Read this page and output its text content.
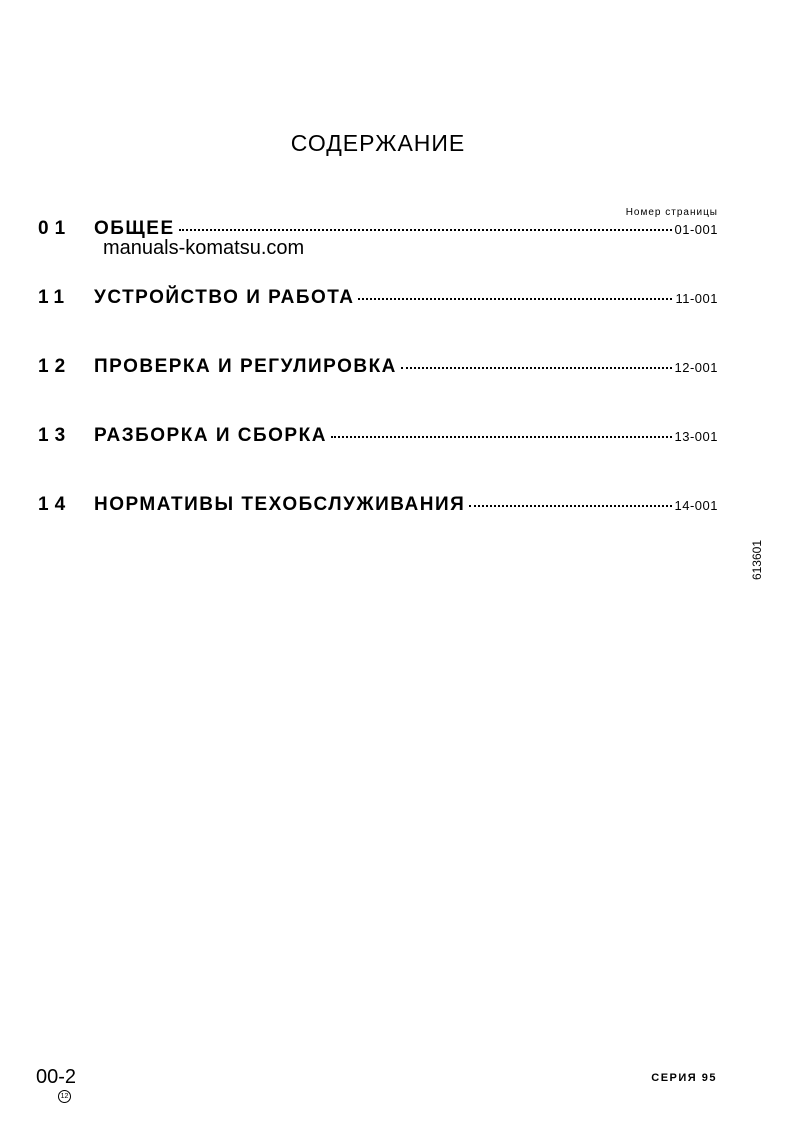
СОДЕРЖАНИЕ
Номер страницы
01	ОБЩЕЕ	01-001
11	УСТРОЙСТВО И РАБОТА	11-001
12	ПРОВЕРКА И РЕГУЛИРОВКА	12-001
13	РАЗБОРКА И СБОРКА	13-001
14	НОРМАТИВЫ ТЕХОБСЛУЖИВАНИЯ	14-001
manuals-komatsu.com
613601
00-2
12
СЕРИЯ 95
